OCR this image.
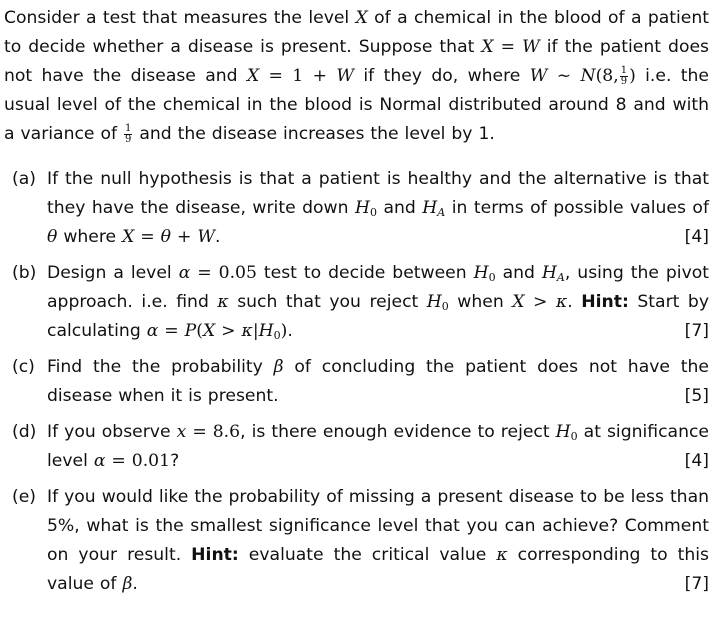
Consider a test that measures the level X of a chemical in the blood of a patient
to decide whether a disease is present. Suppose that X = W if the patient does
not have the disease and X = 1 + W if they do, where W ~ N(8, $\frac{1}{9}$ ) i.e. the
usual level of the chemical in the blood is Normal distributed around 8 and with
a variance of $\frac{1}{9}$ and the disease increases the level by 1.
(a) If the null hypothesis is that a patient is healthy and the alternative is that
they have the disease, write down $H_0$ and $H_A$ in terms of possible values of
θ where X = θ + W.	[4]
(b) Design a level α = 0.05 test to decide between $H_0$ and $H_A$, using the pivot
approach. i.e. find κ such that you reject $H_0$ when X > κ. Hint: Start by
calculating $\alpha = P(X > \kappa|H_0)$.	[7]
(c) Find the the probability β of concluding the patient does not have the
disease when it is present.	[5]
(d) If you observe x = 8.6, is there enough evidence to reject $H_0$ at significance
level α = 0.01?	[4]
(e) If you would like the probability of missing a present disease to be less than
5%, what is the smallest significance level that you can achieve? Comment
on your result. Hint: evaluate the critical value κ corresponding to this
value of β.	[7]
